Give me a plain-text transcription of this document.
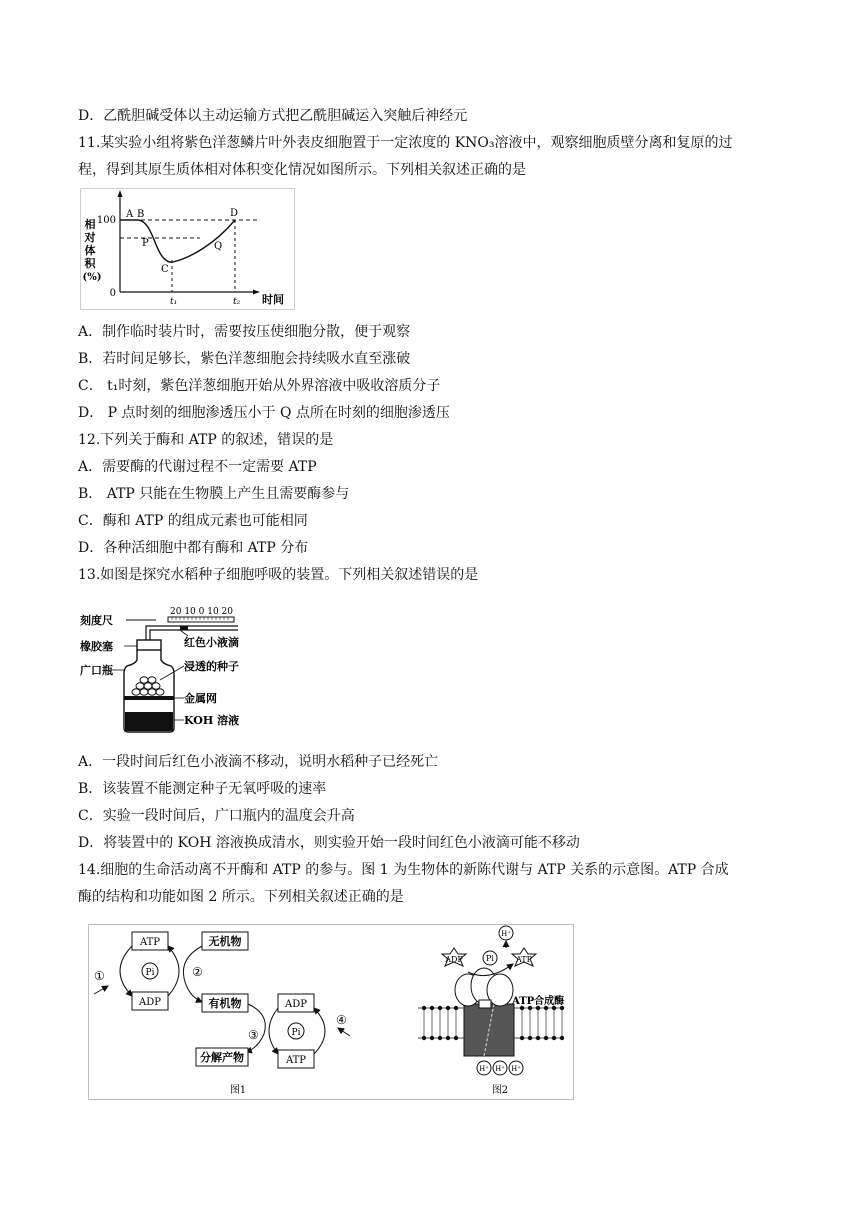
D．乙酰胆碱受体以主动运输方式把乙酰胆碱运入突触后神经元
11.某实验小组将紫色洋葱鳞片叶外表皮细胞置于一定浓度的 KNO₃溶液中，观察细胞质壁分离和复原的过
程，得到其原生质体相对体积变化情况如图所示。下列相关叙述正确的是
相
对
体
积
(%)
100
0
A B
P
C
Q
D
t₁	t₂ 时间
A．制作临时装片时，需要按压使细胞分散，便于观察
B．若时间足够长，紫色洋葱细胞会持续吸水直至涨破
C． t₁时刻，紫色洋葱细胞开始从外界溶液中吸收溶质分子
D． P 点时刻的细胞渗透压小于 Q 点所在时刻的细胞渗透压
12.下列关于酶和 ATP 的叙述，错误的是
A．需要酶的代谢过程不一定需要 ATP
B． ATP 只能在生物膜上产生且需要酶参与
C．酶和 ATP 的组成元素也可能相同
D．各种活细胞中都有酶和 ATP 分布
13.如图是探究水稻种子细胞呼吸的装置。下列相关叙述错误的是
刻度尺
20 10 0 10 20
红色小液滴
橡胶塞
广口瓶	浸透的种子
金属网
KOH 溶液
A．一段时间后红色小液滴不移动，说明水稻种子已经死亡
B．该装置不能测定种子无氧呼吸的速率
C．实验一段时间后，广口瓶内的温度会升高
D．将装置中的 KOH 溶液换成清水，则实验开始一段时间红色小液滴可能不移动
14.细胞的生命活动离不开酶和 ATP 的参与。图 1 为生物体的新陈代谢与 ATP 关系的示意图。ATP 合成
酶的结构和功能如图 2 所示。下列相关叙述正确的是
ATP
ADP
Pi
①
无机物
②
有机物
③
分解产物
ADP
ATP
Pi
④
图1
ADP	Pi	ATP
H⁺
ATP合成酶
H⁺ H⁺ H⁺
图2
